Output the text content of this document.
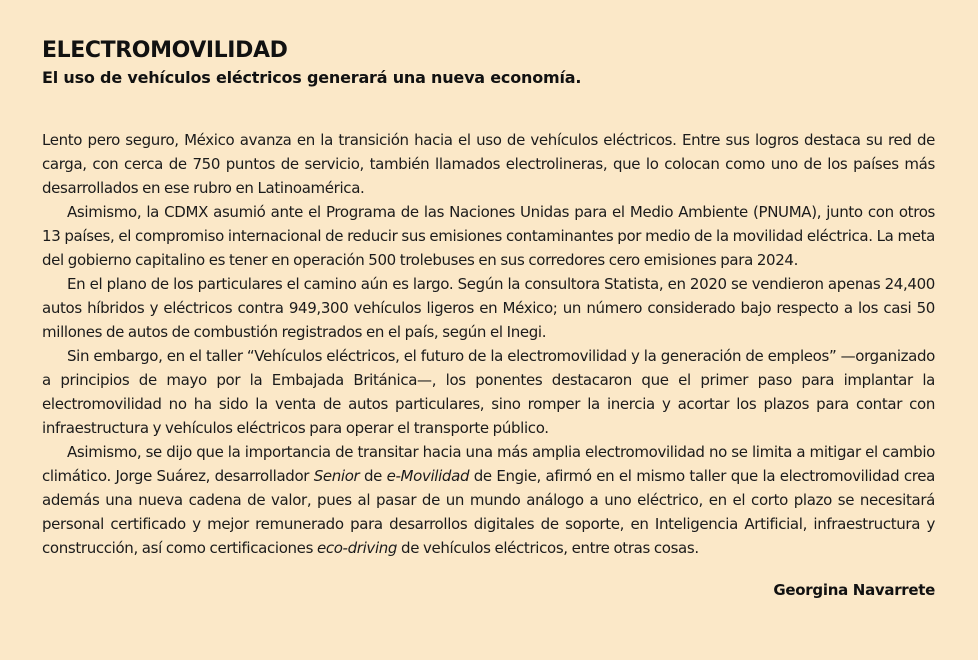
ELECTROMOVILIDAD
El uso de vehículos eléctricos generará una nueva economía.

Lento pero seguro, México avanza en la transición hacia el uso de vehículos eléctricos. Entre sus logros destaca su red de carga, con cerca de 750 puntos de servicio, también llamados electrolineras, que lo colocan como uno de los países más desarrollados en ese rubro en Latinoamérica.

Asimismo, la CDMX asumió ante el Programa de las Naciones Unidas para el Medio Ambiente (PNUMA), junto con otros 13 países, el compromiso internacional de reducir sus emisiones contaminantes por medio de la movilidad eléctrica. La meta del gobierno capitalino es tener en operación 500 trolebuses en sus corredores cero emisiones para 2024.

En el plano de los particulares el camino aún es largo. Según la consultora Statista, en 2020 se vendieron apenas 24,400 autos híbridos y eléctricos contra 949,300 vehículos ligeros en México; un número considerado bajo respecto a los casi 50 millones de autos de combustión registrados en el país, según el Inegi.

Sin embargo, en el taller “Vehículos eléctricos, el futuro de la electromovilidad y la generación de empleos” —organizado a principios de mayo por la Embajada Británica—, los ponentes destacaron que el primer paso para implantar la electromovilidad no ha sido la venta de autos particulares, sino romper la inercia y acortar los plazos para contar con infraestructura y vehículos eléctricos para operar el transporte público.

Asimismo, se dijo que la importancia de transitar hacia una más amplia electromovilidad no se limita a mitigar el cambio climático. Jorge Suárez, desarrollador Senior de e-Movilidad de Engie, afirmó en el mismo taller que la electromovilidad crea además una nueva cadena de valor, pues al pasar de un mundo análogo a uno eléctrico, en el corto plazo se necesitará personal certificado y mejor remunerado para desarrollos digitales de soporte, en Inteligencia Artificial, infraestructura y construcción, así como certificaciones eco-driving de vehículos eléctricos, entre otras cosas.

Georgina Navarrete
